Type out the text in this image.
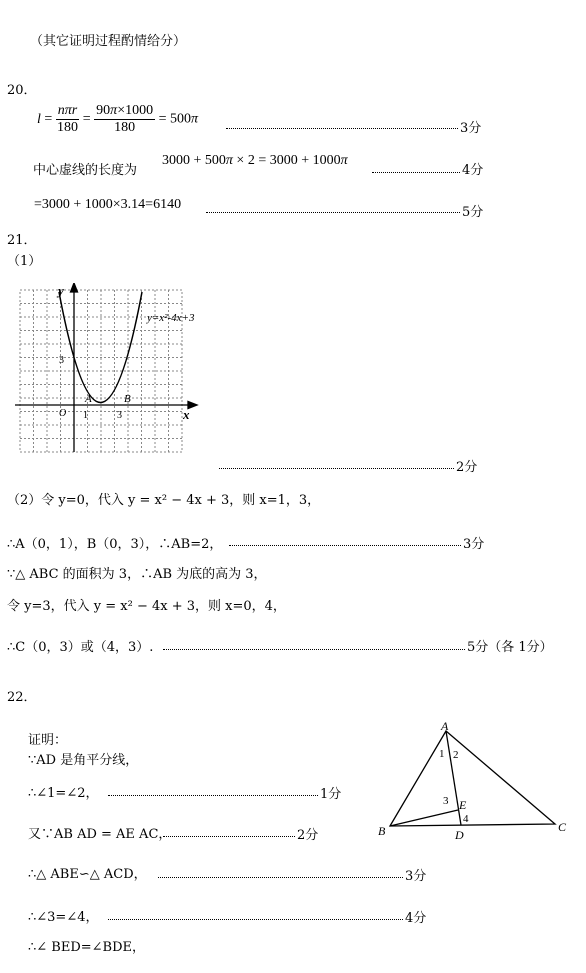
（其它证明过程酌情给分）
20．
l =
nπr
180
= $\frac{90\pi\times 1000}{180} = 500\pi$
3分
中心虚线的长度为
3000 + 500π × 2 = 3000 + 1000π
4分
=3000 + 1000×3.14=6140
5分
21．
（1）
y
x
y=x²-4x+3
3
O 1	3
A	B
2分
（2）令 y=0，代入 y = x² − 4x + 3，则 x=1，3，
∴A（0，1），B（0，3），∴AB=2，	3分
∵△ ABC 的面积为 3，∴AB 为底的高为 3，
令 y=3，代入 y = x² − 4x + 3，则 x=0，4，
∴C（0，3）或（4，3）.	5分（各 1分）
22．
证明：
∵AD 是角平分线，
∴∠1=∠2，	1分
又∵AB AD = AE AC，	2分
∴△ ABE∽△ ACD，	3分
∴∠3=∠4，	4分
∴∠ BED=∠BDE，
A
B	C
D
E
1 2
3
4
